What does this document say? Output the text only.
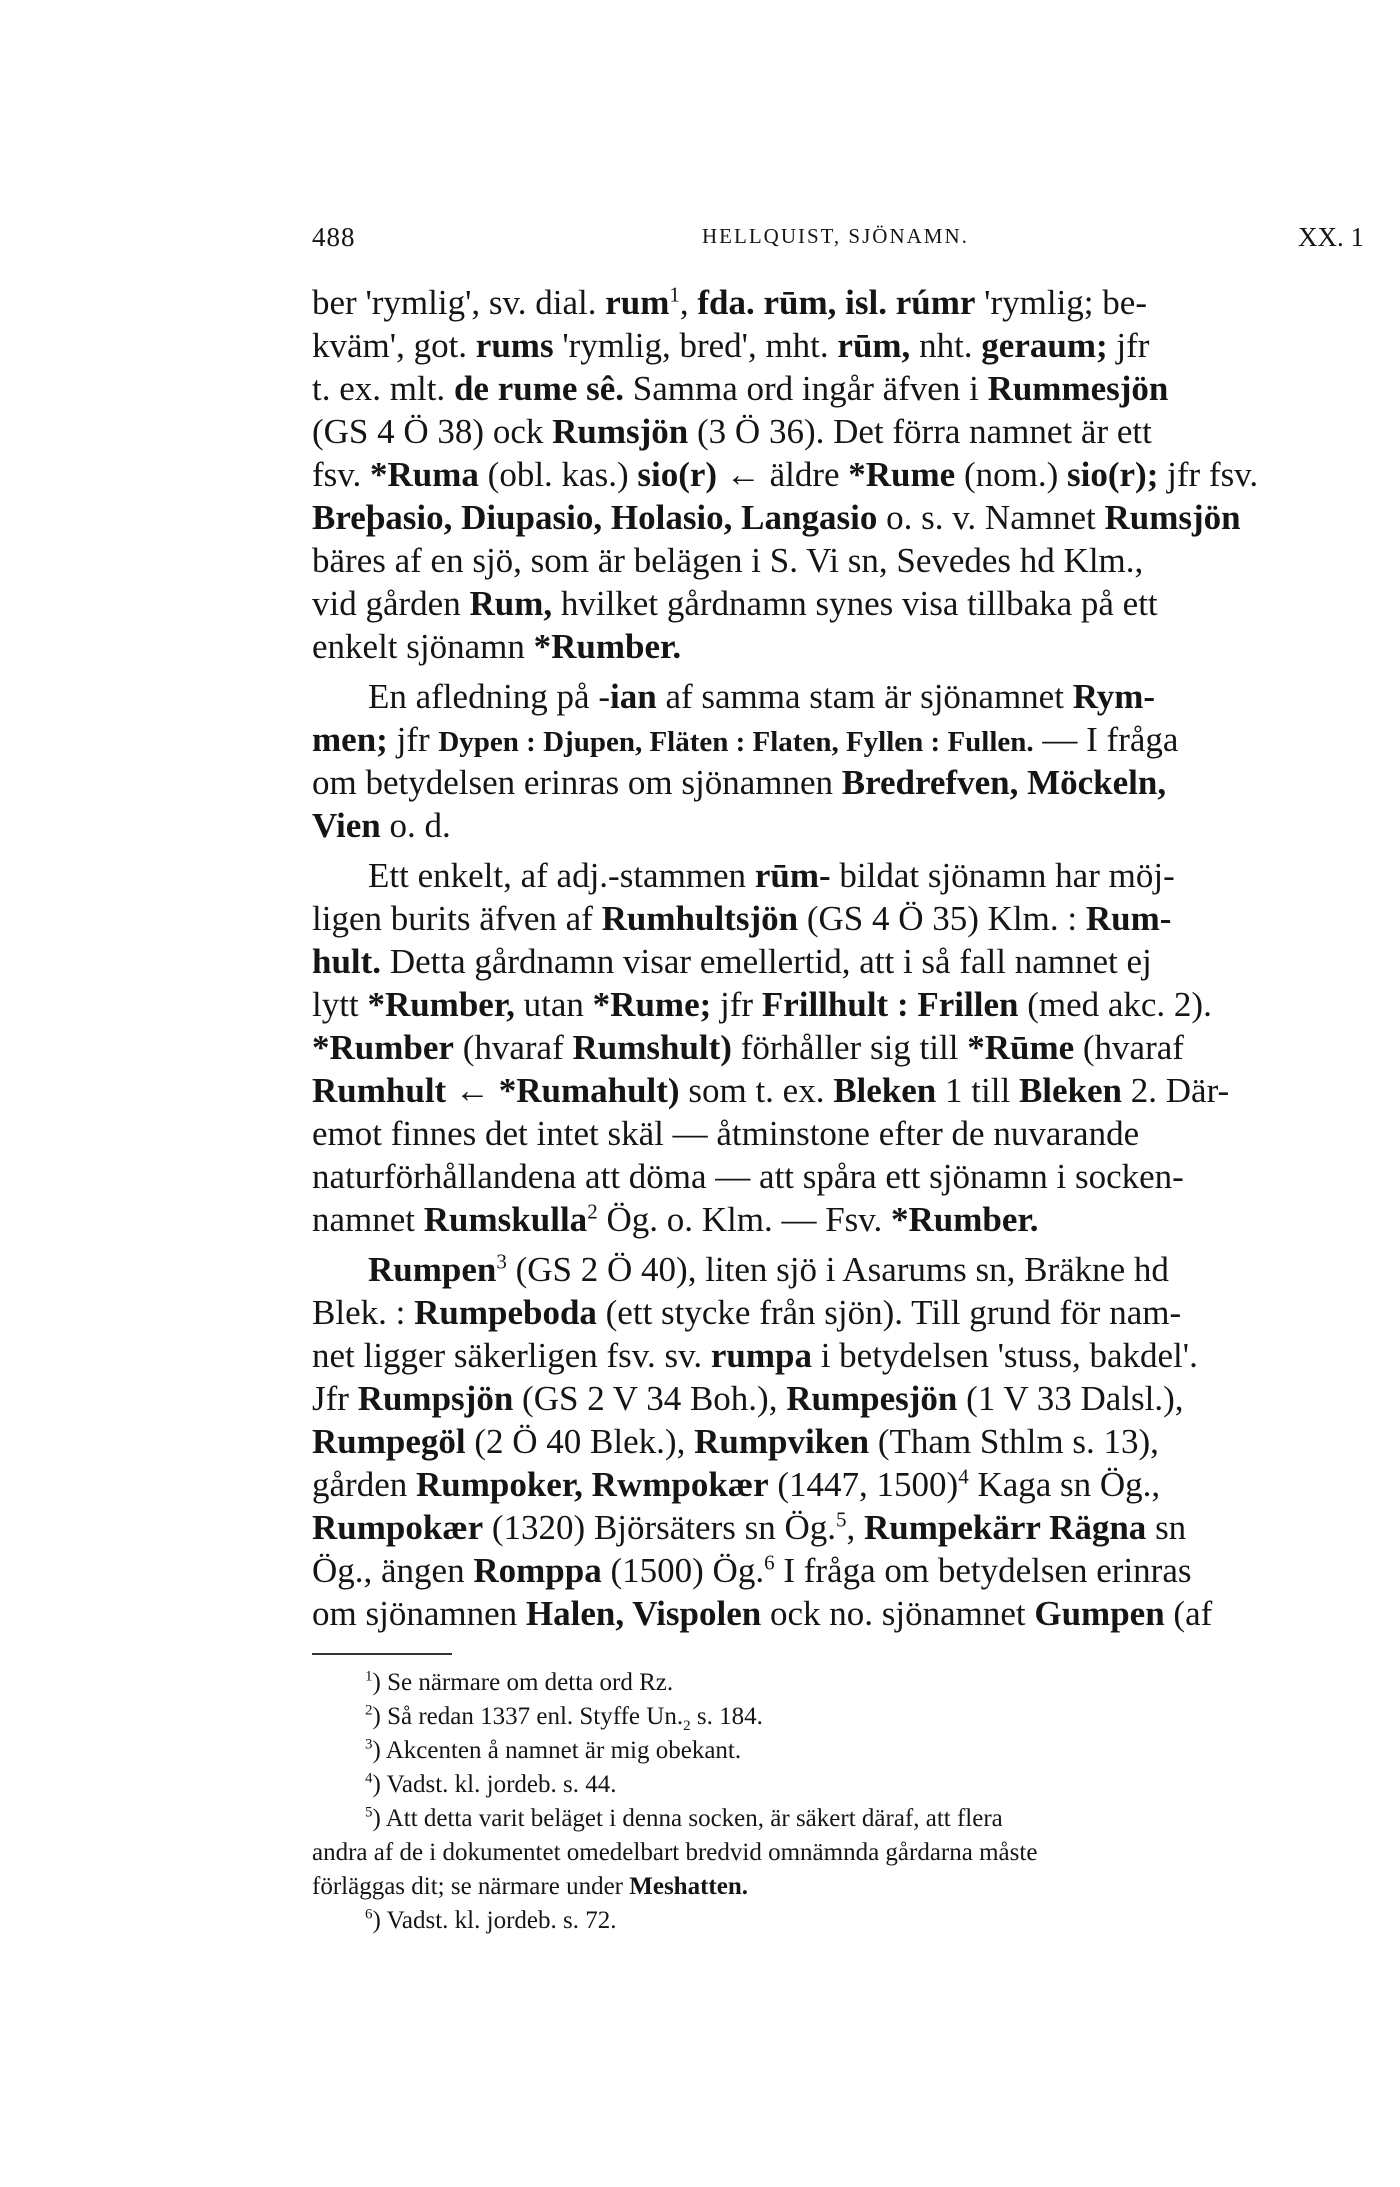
488	HELLQUIST, SJÖNAMN.	XX. 1
ber 'rymlig', sv. dial. rum$^1$, fda. rūm, isl. rúmr 'rymlig; be-
kväm', got. rums 'rymlig, bred', mht. rūm, nht. geraum; jfr
t. ex. mlt. de rume sê. Samma ord ingår äfven i Rummesjön
(GS 4 Ö 38) ock Rumsjön (3 Ö 36). Det förra namnet är ett
fsv. *Ruma (obl. kas.) sio(r) ← äldre *Rume (nom.) sio(r); jfr fsv.
Breþasio, Diupasio, Holasio, Langasio o. s. v. Namnet Rumsjön
bäres af en sjö, som är belägen i S. Vi sn, Sevedes hd Klm.,
vid gården Rum, hvilket gårdnamn synes visa tillbaka på ett
enkelt sjönamn *Rumber.
En afledning på -ian af samma stam är sjönamnet Rym-
men; jfr Dypen : Djupen, Fläten : Flaten, Fyllen : Fullen. — I fråga
om betydelsen erinras om sjönamnen Bredrefven, Möckeln,
Vien o. d.
Ett enkelt, af adj.-stammen rūm- bildat sjönamn har möj-
ligen burits äfven af Rumhultsjön (GS 4 Ö 35) Klm. : Rum-
hult. Detta gårdnamn visar emellertid, att i så fall namnet ej
lytt *Rumber, utan *Rume; jfr Frillhult : Frillen (med akc. 2).
*Rumber (hvaraf Rumshult) förhåller sig till *Rūme (hvaraf
Rumhult ← *Rumahult) som t. ex. Bleken 1 till Bleken 2. Där-
emot finnes det intet skäl — åtminstone efter de nuvarande
naturförhållandena att döma — att spåra ett sjönamn i socken-
namnet Rumskulla$^2$ Ög. o. Klm. — Fsv. *Rumber.
Rumpen$^3$ (GS 2 Ö 40), liten sjö i Asarums sn, Bräkne hd
Blek. : Rumpeboda (ett stycke från sjön). Till grund för nam-
net ligger säkerligen fsv. sv. rumpa i betydelsen 'stuss, bakdel'.
Jfr Rumpsjön (GS 2 V 34 Boh.), Rumpesjön (1 V 33 Dalsl.),
Rumpegöl (2 Ö 40 Blek.), Rumpviken (Tham Sthlm s. 13),
gården Rumpoker, Rwmpokær (1447, 1500)$^4$ Kaga sn Ög.,
Rumpokær (1320) Björsäters sn Ög.$^5$, Rumpekärr Rägna sn
Ög., ängen Romppa (1500) Ög.$^6$ I fråga om betydelsen erinras
om sjönamnen Halen, Vispolen ock no. sjönamnet Gumpen (af
$^1$) Se närmare om detta ord Rz.
$^2$) Så redan 1337 enl. Styffe $Un._2$ s. 184.
$^3$) Akcenten å namnet är mig obekant.
$^4$) Vadst. kl. jordeb. s. 44.
$^5$) Att detta varit beläget i denna socken, är säkert däraf, att flera
andra af de i dokumentet omedelbart bredvid omnämnda gårdarna måste
förläggas dit; se närmare under Meshatten.
$^6$) Vadst. kl. jordeb. s. 72.
